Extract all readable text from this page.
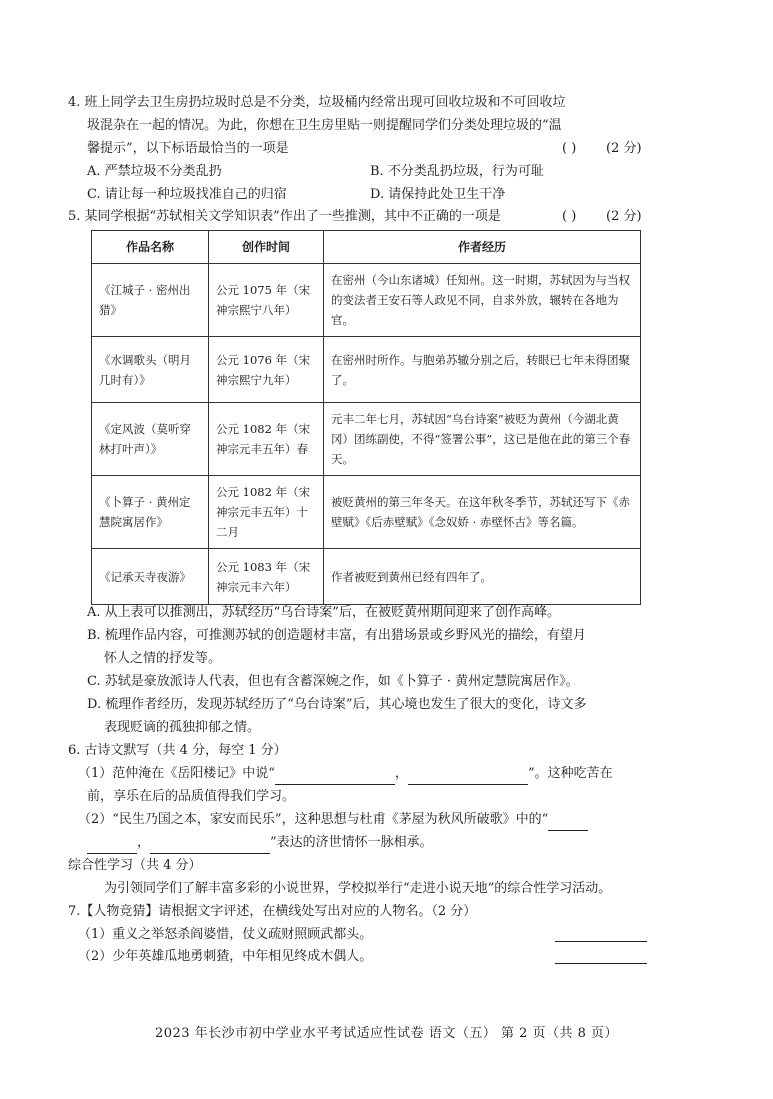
4. 班上同学去卫生房扔垃圾时总是不分类，垃圾桶内经常出现可回收垃圾和不可回收垃
圾混杂在一起的情况。为此，你想在卫生房里贴一则提醒同学们分类处理垃圾的“温
馨提示”，以下标语最恰当的一项是	( ) (2 分)
A. 严禁垃圾不分类乱扔	B. 不分类乱扔垃圾，行为可耻
C. 请让每一种垃圾找准自己的归宿	D. 请保持此处卫生干净
5. 某同学根据“苏轼相关文学知识表”作出了一些推测，其中不正确的一项是	( ) (2 分)
作品名称	创作时间	作者经历
《江城子 · 密州出猎》	公元 1075 年（宋神宗熙宁八年）	在密州（今山东诸城）任知州。这一时期，苏轼因为与当权的变法者王安石等人政见不同，自求外放，辗转在各地为官。
《水调歌头（明月几时有）》	公元 1076 年（宋神宗熙宁九年）	在密州时所作。与胞弟苏辙分别之后，转眼已七年未得团聚了。
《定风波（莫听穿林打叶声）》	公元 1082 年（宋神宗元丰五年）春	元丰二年七月，苏轼因“乌台诗案”被贬为黄州（今湖北黄冈）团练副使，不得“签署公事”，这已是他在此的第三个春天。
《卜算子 · 黄州定慧院寓居作》	公元 1082 年（宋神宗元丰五年）十二月	被贬黄州的第三年冬天。在这年秋冬季节，苏轼还写下《赤壁赋》《后赤壁赋》《念奴娇 · 赤壁怀古》等名篇。
《记承天寺夜游》	公元 1083 年（宋神宗元丰六年）	作者被贬到黄州已经有四年了。
A. 从上表可以推测出，苏轼经历“乌台诗案”后，在被贬黄州期间迎来了创作高峰。
B. 梳理作品内容，可推测苏轼的创造题材丰富，有出猎场景或乡野风光的描绘，有望月
怀人之情的抒发等。
C. 苏轼是豪放派诗人代表，但也有含蓄深婉之作，如《卜算子 · 黄州定慧院寓居作》。
D. 梳理作者经历，发现苏轼经历了“乌台诗案”后，其心境也发生了很大的变化，诗文多
表现贬谪的孤独抑郁之情。
6. 古诗文默写（共 4 分，每空 1 分）
（1）范仲淹在《岳阳楼记》中说“	，	”。这种吃苦在
前，享乐在后的品质值得我们学习。
（2）“民生乃国之本，家安而民乐”，这种思想与杜甫《茅屋为秋风所破歌》中的“
，	”表达的济世情怀一脉相承。
综合性学习（共 4 分）
为引领同学们了解丰富多彩的小说世界，学校拟举行“走进小说天地”的综合性学习活动。
7.【人物竞猜】请根据文字评述，在横线处写出对应的人物名。（2 分）
（1）重义之举怒杀阎婆惜，仗义疏财照顾武都头。
（2）少年英雄瓜地勇刺猹，中年相见终成木偶人。
2023 年长沙市初中学业水平考试适应性试卷 语文（五） 第 2 页（共 8 页）
